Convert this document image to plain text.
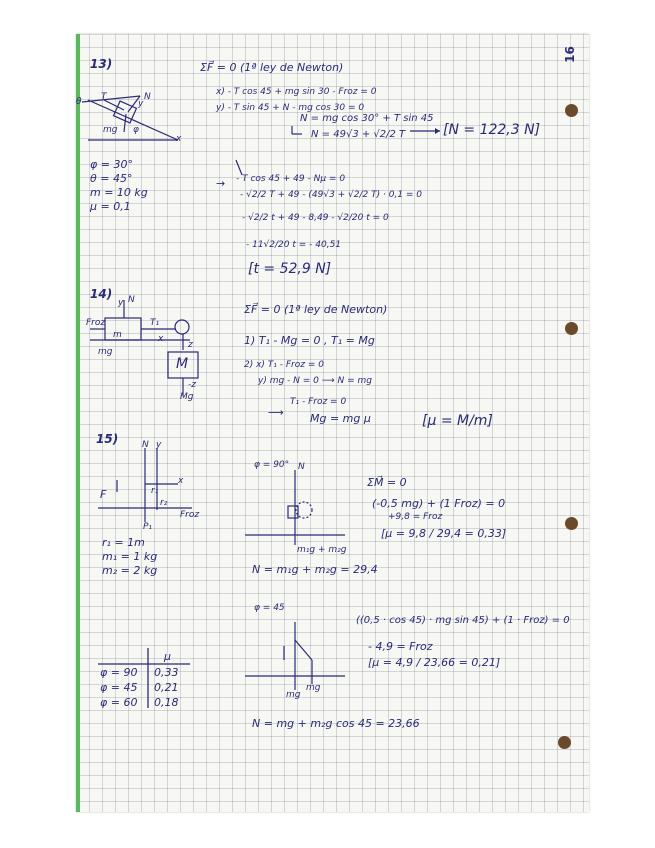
16
13)	ΣF⃗ = 0 (1ª ley de Newton)
x) - T cos 45 + mg sin 30 - Froz = 0
y) - T sin 45 + N - mg cos 30 = 0
N = mg cos 30° + T sin 45
N = 49√3 + √2/2 T	[N = 122,3 N]
T	N
y
x
mg
θ
φ
φ = 30°
θ = 45°
m = 10 kg
μ = 0,1
→ - T cos 45 + 49 - Nμ = 0
- √2/2 T + 49 - (49√3 + √2/2 T) · 0,1 = 0
- √2/2 t + 49 - 8,49 - √2/20 t = 0
- 11√2/20 t = - 40,51
[t = 52,9 N]
14)
ΣF⃗ = 0 (1ª ley de Newton)
1) T₁ - Mg = 0 , T₁ = Mg
2) x) T₁ - Froz = 0
y) mg - N = 0 ⟶ N = mg
T₁ - Froz = 0
Mg = mg μ
⟶
[μ = M/m]
y N
Froz
m
T₁
x
mg
M
z
-z
Mg
15)	N y
x
F
Froz
P₁
r₁
r₂
r₁ = 1m
m₁ = 1 kg
m₂ = 2 kg
φ = 90° N
m₁g + m₂g
ΣM⃗ = 0
(-0,5 mg) + (1 Froz) = 0
+9,8 = Froz
[μ = 9,8 / 29,4 = 0,33]
N = m₁g + m₂g = 29,4
φ = 45
mg
mg
((0,5 · cos 45) · mg sin 45) + (1 · Froz) = 0
- 4,9 = Froz
[μ = 4,9 / 23,66 = 0,21]
N = mg + m₂g cos 45 = 23,66
μ
φ = 90 0,33
φ = 45 0,21
φ = 60 0,18
